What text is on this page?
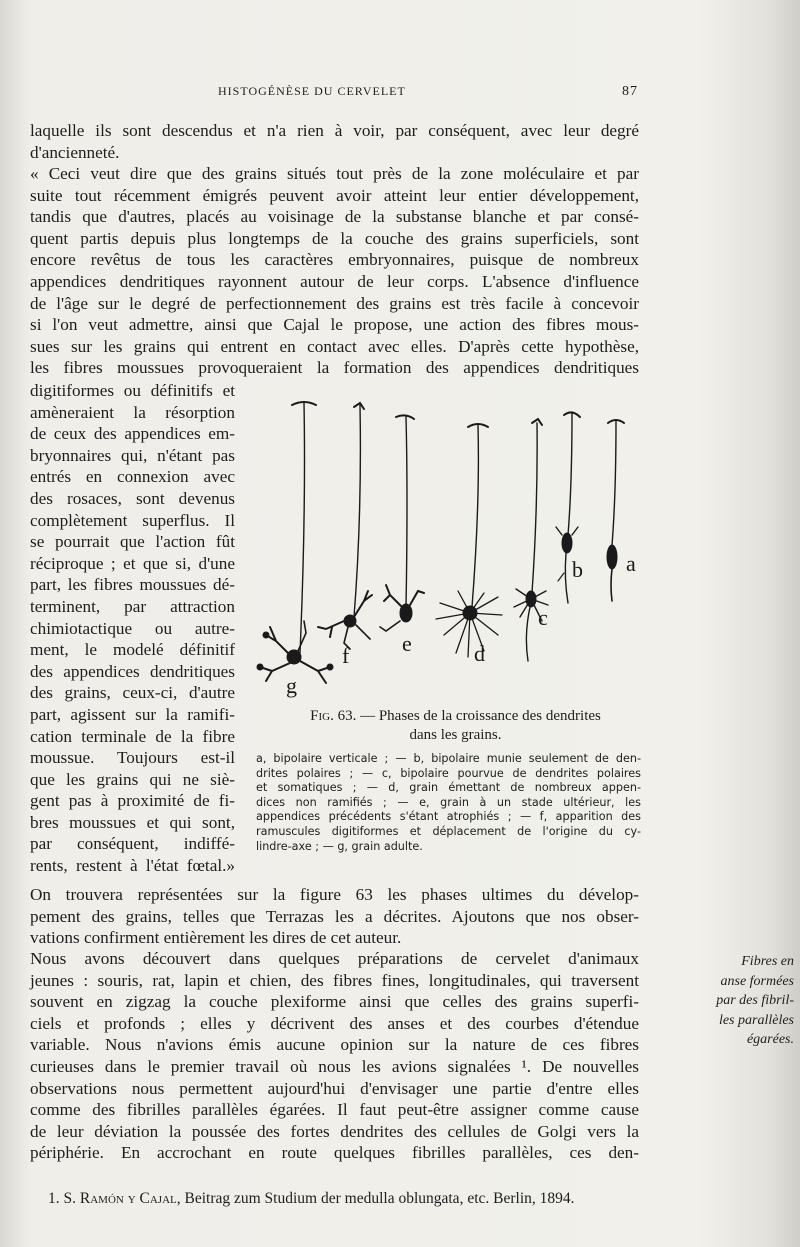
HISTOGÉNÈSE DU CERVELET	87
laquelle ils sont descendus et n'a rien à voir, par conséquent, avec leur degré
d'ancienneté.
« Ceci veut dire que des grains situés tout près de la zone moléculaire et par
suite tout récemment émigrés peuvent avoir atteint leur entier développement,
tandis que d'autres, placés au voisinage de la substanse blanche et par consé-
quent partis depuis plus longtemps de la couche des grains superficiels, sont
encore revêtus de tous les caractères embryonnaires, puisque de nombreux
appendices dendritiques rayonnent autour de leur corps. L'absence d'influence
de l'âge sur le degré de perfectionnement des grains est très facile à concevoir
si l'on veut admettre, ainsi que Cajal le propose, une action des fibres mous-
sues sur les grains qui entrent en contact avec elles. D'après cette hypothèse,
les fibres moussues provoqueraient la formation des appendices dendritiques
digitiformes ou définitifs et
amèneraient la résorption
de ceux des appendices em-
bryonnaires qui, n'étant pas
entrés en connexion avec
des rosaces, sont devenus
complètement superflus. Il
se pourrait que l'action fût
réciproque ; et que si, d'une
part, les fibres moussues dé-
terminent, par attraction
chimiotactique ou autre-
ment, le modelé définitif
des appendices dendritiques
des grains, ceux-ci, d'autre
part, agissent sur la ramifi-
cation terminale de la fibre
moussue. Toujours est-il
que les grains qui ne siè-
gent pas à proximité de fi-
bres moussues et qui sont,
par conséquent, indiffé-
rents, restent à l'état fœtal.»
g
f e	d
c
b a
Fig. 63. — Phases de la croissance des dendrites
dans les grains.
a, bipolaire verticale ; — b, bipolaire munie seulement de den-
drites polaires ; — c, bipolaire pourvue de dendrites polaires
et somatiques ; — d, grain émettant de nombreux appen-
dices non ramifiés ; — e, grain à un stade ultérieur, les
appendices précédents s'étant atrophiés ; — f, apparition des
ramuscules digitiformes et déplacement de l'origine du cy-
lindre-axe ; — g, grain adulte.
On trouvera représentées sur la figure 63 les phases ultimes du dévelop-
pement des grains, telles que Terrazas les a décrites. Ajoutons que nos obser-
vations confirment entièrement les dires de cet auteur.
Nous avons découvert dans quelques préparations de cervelet d'animaux
jeunes : souris, rat, lapin et chien, des fibres fines, longitudinales, qui traversent
souvent en zigzag la couche plexiforme ainsi que celles des grains superfi-
ciels et profonds ; elles y décrivent des anses et des courbes d'étendue
variable. Nous n'avions émis aucune opinion sur la nature de ces fibres
curieuses dans le premier travail où nous les avions signalées ¹. De nouvelles
observations nous permettent aujourd'hui d'envisager une partie d'entre elles
comme des fibrilles parallèles égarées. Il faut peut-être assigner comme cause
de leur déviation la poussée des fortes dendrites des cellules de Golgi vers la
périphérie. En accrochant en route quelques fibrilles parallèles, ces den-
Fibres en
anse formées
par des fibril-
les parallèles
égarées.
1. S. Ramón y Cajal, Beitrag zum Studium der medulla oblungata, etc. Berlin, 1894.
